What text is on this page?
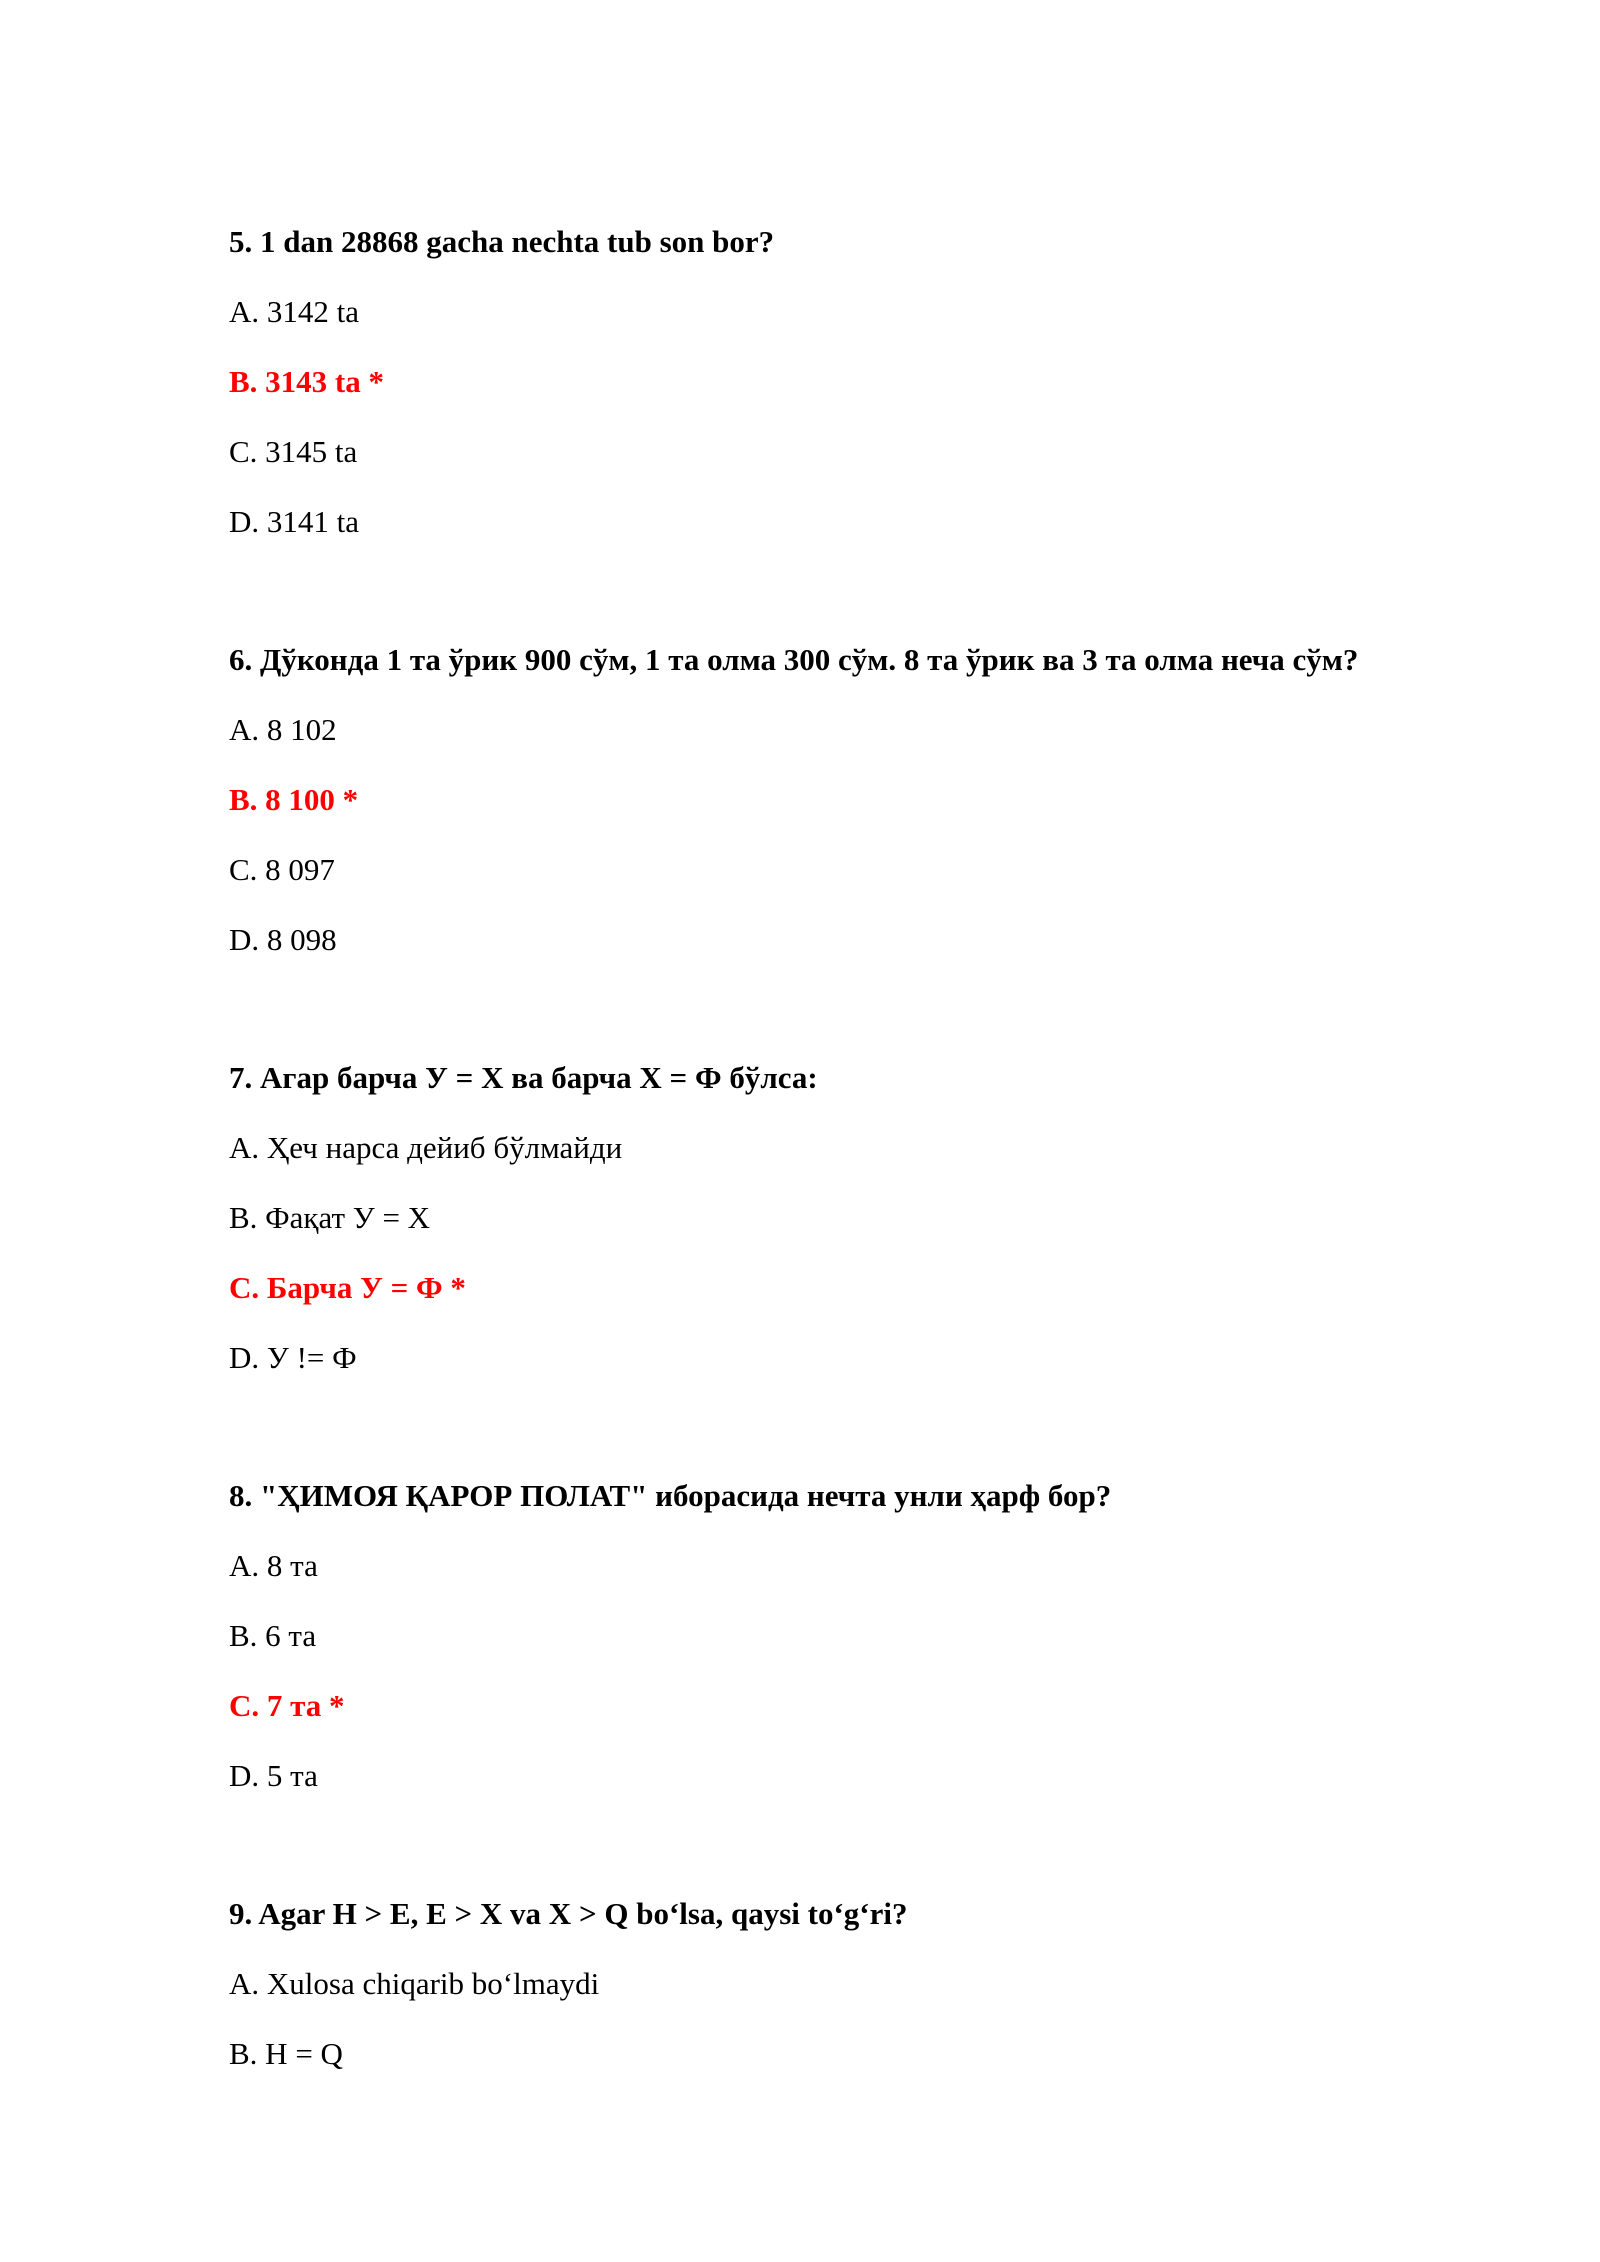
5. 1 dan 28868 gacha nechta tub son bor?
A. 3142 ta
B. 3143 ta *
C. 3145 ta
D. 3141 ta
6. Дўконда 1 та ўрик 900 сўм, 1 та олма 300 сўм. 8 та ўрик ва 3 та олма неча сўм?
A. 8 102
B. 8 100 *
C. 8 097
D. 8 098
7. Агар барча У = Х ва барча Х = Ф бўлса:
A. Ҳеч нарса дейиб бўлмайди
B. Фақат У = Х
C. Барча У = Ф *
D. У != Ф
8. "ҲИМОЯ ҚАРОР ПОЛАТ" иборасида нечта унли ҳарф бор?
A. 8 та
B. 6 та
C. 7 та *
D. 5 та
9. Agar H > E, E > X va X > Q bo‘lsa, qaysi to‘g‘ri?
A. Xulosa chiqarib bo‘lmaydi
B. H = Q
